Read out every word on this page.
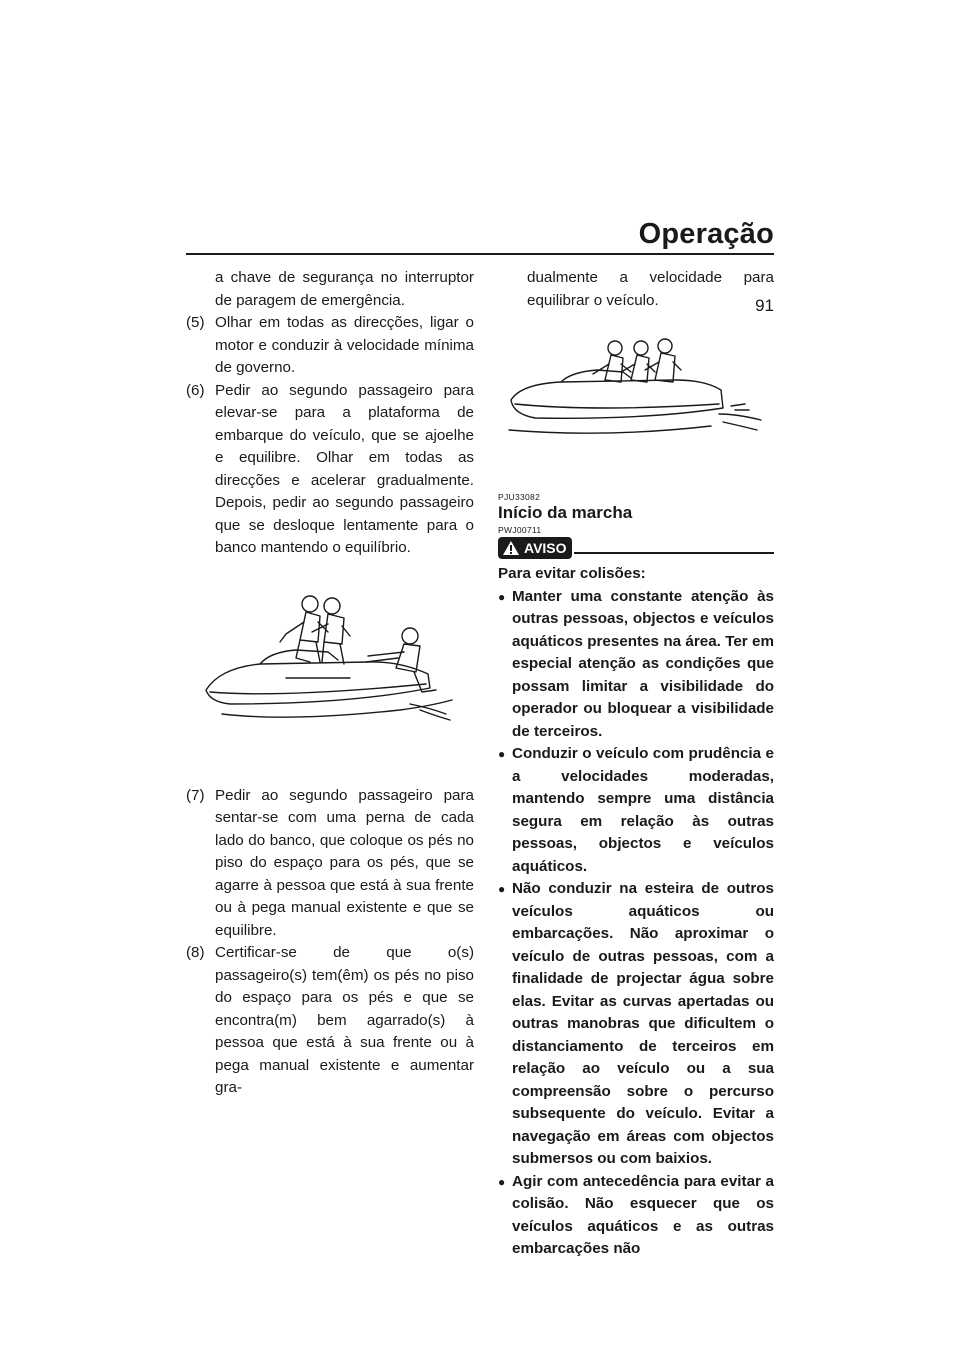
Operação
91

a chave de segurança no interruptor de paragem de emergência.

(5) Olhar em todas as direcções, ligar o motor e conduzir à velocidade mínima de governo.
(6) Pedir ao segundo passageiro para elevar-se para a plataforma de embarque do veículo, que se ajoelhe e equilibre. Olhar em todas as direcções e acelerar gradualmente. Depois, pedir ao segundo passageiro que se desloque lentamente para o banco mantendo o equilíbrio.
(7) Pedir ao segundo passageiro para sentar-se com uma perna de cada lado do banco, que coloque os pés no piso do espaço para os pés, que se agarre à pessoa que está à sua frente ou à pega manual existente e que se equilibre.
(8) Certificar-se de que o(s) passageiro(s) tem(êm) os pés no piso do espaço para os pés e que se encontra(m) bem agarrado(s) à pessoa que está à sua frente ou à pega manual existente e aumentar gra-

dualmente a velocidade para equilibrar o veículo.

PJU33082
Início da marcha
PWJ00711
AVISO

Para evitar colisões:

● Manter uma constante atenção às outras pessoas, objectos e veículos aquáticos presentes na área. Ter em especial atenção as condições que possam limitar a visibilidade do operador ou bloquear a visibilidade de terceiros.
● Conduzir o veículo com prudência e a velocidades moderadas, mantendo sempre uma distância segura em relação às outras pessoas, objectos e veículos aquáticos.
● Não conduzir na esteira de outros veículos aquáticos ou embarcações. Não aproximar o veículo de outras pessoas, com a finalidade de projectar água sobre elas. Evitar as curvas apertadas ou outras manobras que dificultem o distanciamento de terceiros em relação ao veículo ou a sua compreensão sobre o percurso subsequente do veículo. Evitar a navegação em áreas com objectos submersos ou com baixios.
● Agir com antecedência para evitar a colisão. Não esquecer que os veículos aquáticos e as outras embarcações não
